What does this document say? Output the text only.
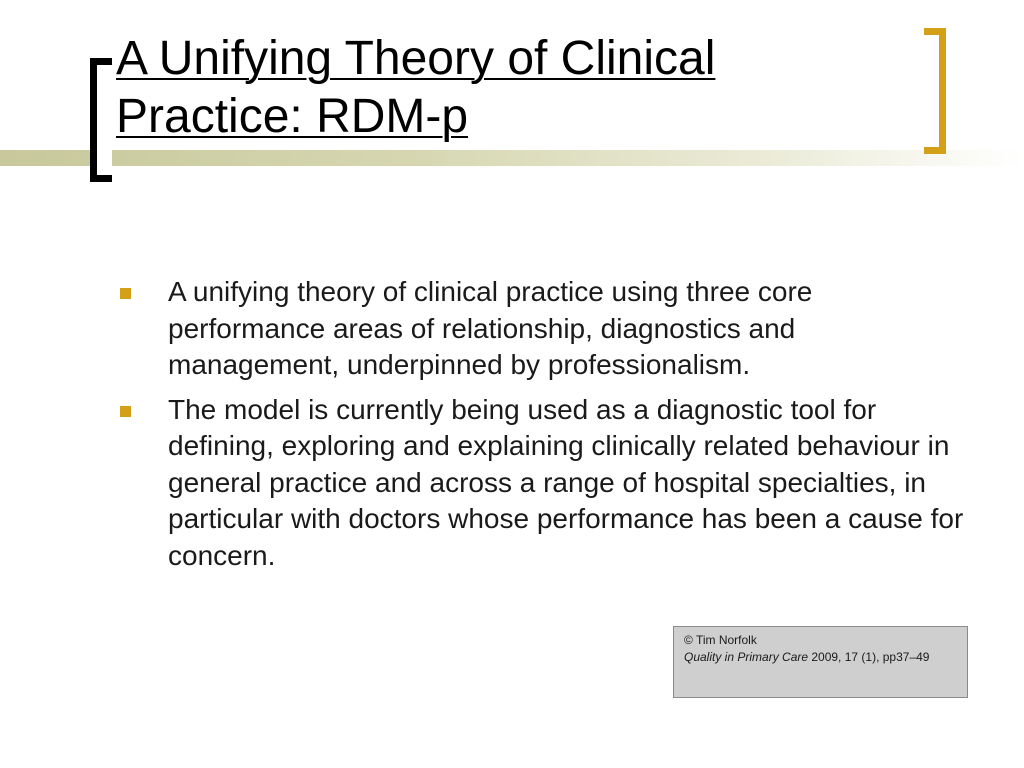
A Unifying Theory of Clinical
Practice: RDM-p
A unifying theory of clinical practice using three core performance areas of relationship, diagnostics and management, underpinned by professionalism.
The model is currently being used as a diagnostic tool for defining, exploring and explaining clinically related behaviour in general practice and across a range of hospital specialties, in particular with doctors whose performance has been a cause for concern.
© Tim Norfolk
Quality in Primary Care 2009, 17 (1), pp37–49
